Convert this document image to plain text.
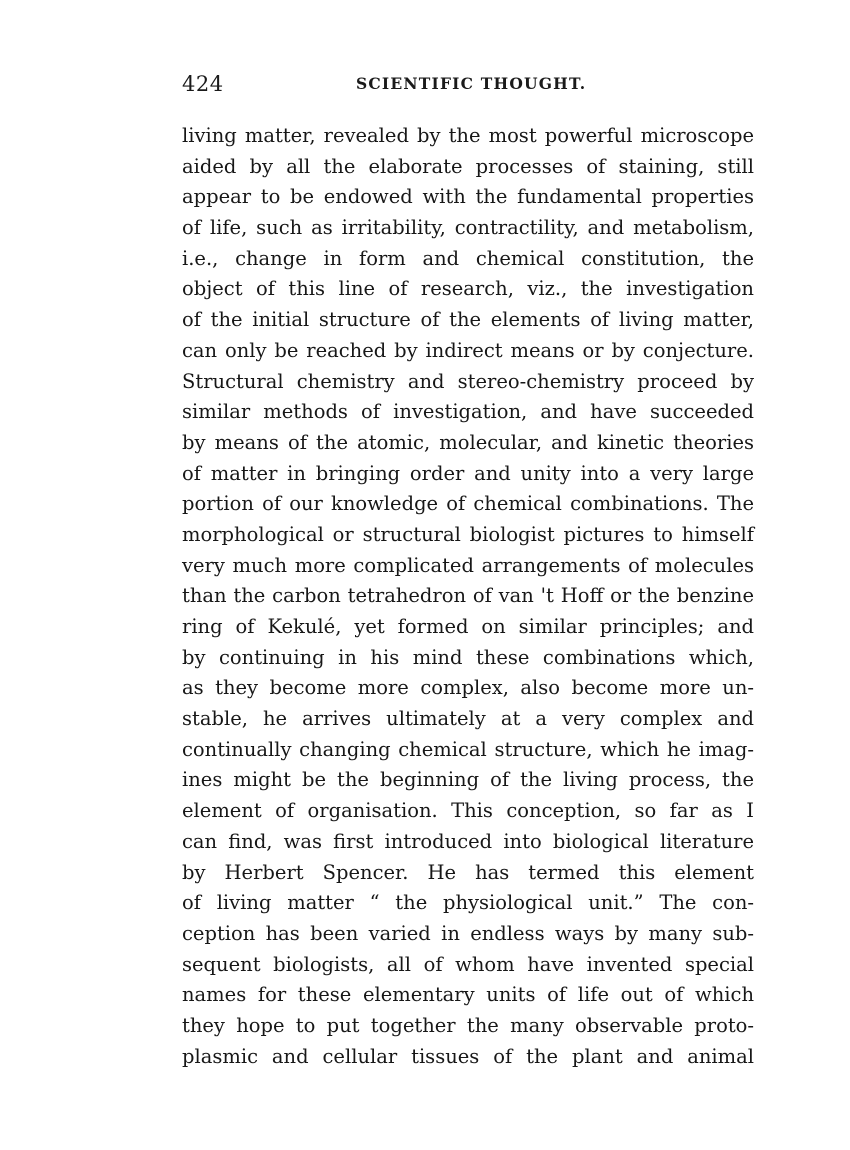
424	SCIENTIFIC THOUGHT.
living matter, revealed by the most powerful microscope
aided by all the elaborate processes of staining, still
appear to be endowed with the fundamental properties
of life, such as irritability, contractility, and metabolism,
i.e., change in form and chemical constitution, the
object of this line of research, viz., the investigation
of the initial structure of the elements of living matter,
can only be reached by indirect means or by conjecture.
Structural chemistry and stereo-chemistry proceed by
similar methods of investigation, and have succeeded
by means of the atomic, molecular, and kinetic theories
of matter in bringing order and unity into a very large
portion of our knowledge of chemical combinations. The
morphological or structural biologist pictures to himself
very much more complicated arrangements of molecules
than the carbon tetrahedron of van 't Hoff or the benzine
ring of Kekulé, yet formed on similar principles; and
by continuing in his mind these combinations which,
as they become more complex, also become more un-
stable, he arrives ultimately at a very complex and
continually changing chemical structure, which he imag-
ines might be the beginning of the living process, the
element of organisation. This conception, so far as I
can find, was first introduced into biological literature
by Herbert Spencer. He has termed this element
of living matter “ the physiological unit.” The con-
ception has been varied in endless ways by many sub-
sequent biologists, all of whom have invented special
names for these elementary units of life out of which
they hope to put together the many observable proto-
plasmic and cellular tissues of the plant and animal
